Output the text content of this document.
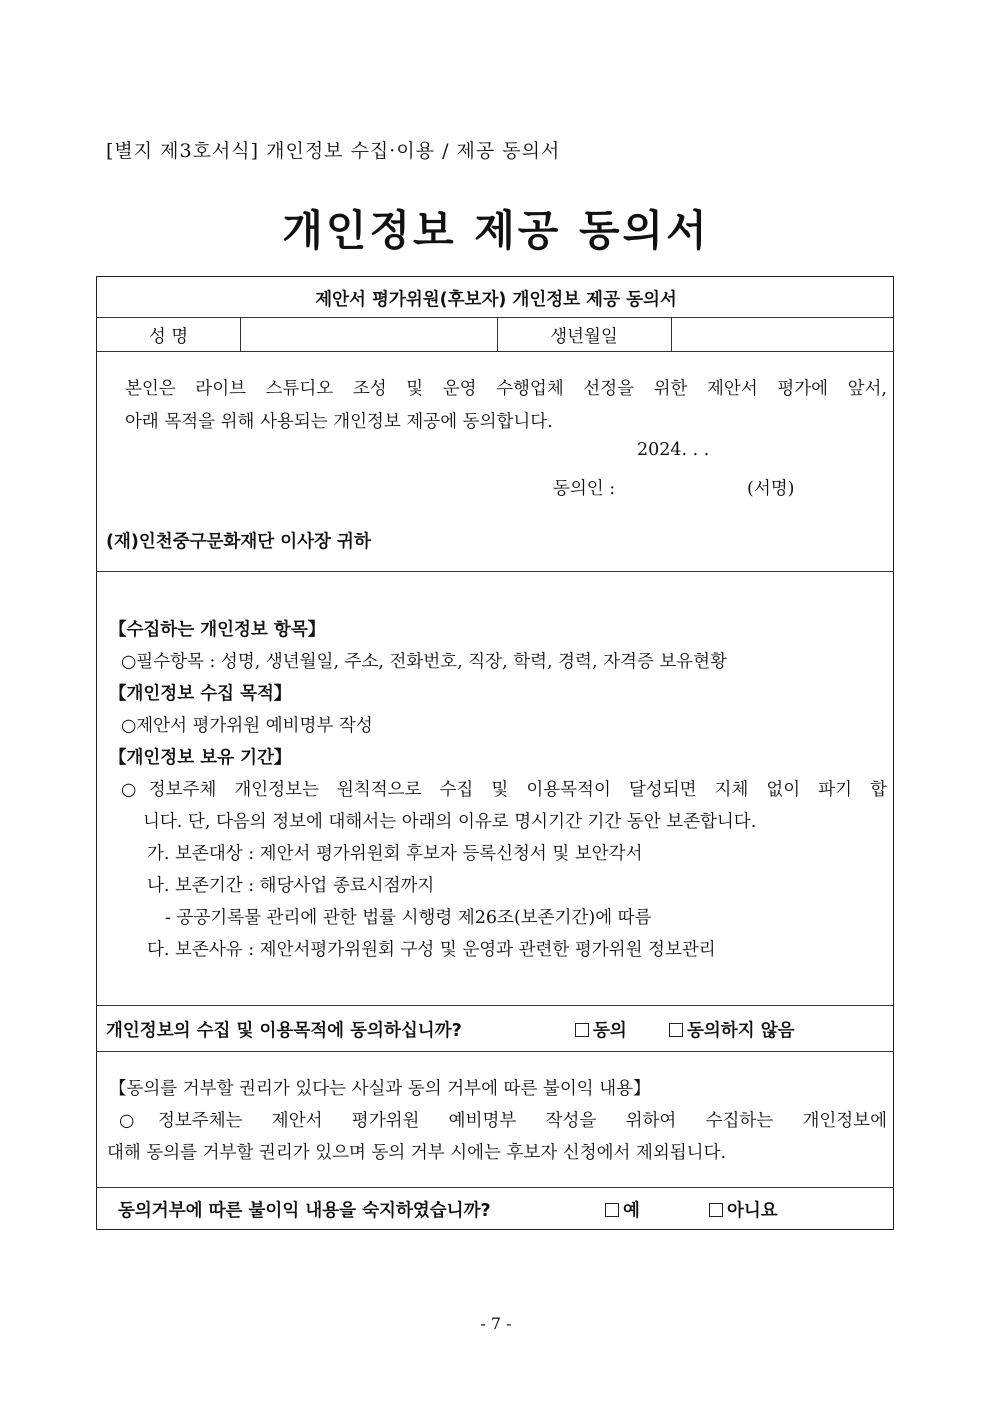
[별지 제3호서식] 개인정보 수집·이용 / 제공 동의서
개인정보 제공 동의서
제안서 평가위원(후보자) 개인정보 제공 동의서
성 명	생년월일
본인은 라이브 스튜디오 조성 및 운영 수행업체 선정을 위한 제안서 평가에 앞서,
아래 목적을 위해 사용되는 개인정보 제공에 동의합니다.
2024. . .
동의인 :	(서명)
(재)인천중구문화재단 이사장 귀하
【수집하는 개인정보 항목】
○필수항목 : 성명, 생년월일, 주소, 전화번호, 직장, 학력, 경력, 자격증 보유현황
【개인정보 수집 목적】
○제안서 평가위원 예비명부 작성
【개인정보 보유 기간】
○정보주체 개인정보는 원칙적으로 수집 및 이용목적이 달성되면 지체 없이 파기 합
니다. 단, 다음의 정보에 대해서는 아래의 이유로 명시기간 기간 동안 보존합니다.
가. 보존대상 : 제안서 평가위원회 후보자 등록신청서 및 보안각서
나. 보존기간 : 해당사업 종료시점까지
- 공공기록물 관리에 관한 법률 시행령 제26조(보존기간)에 따름
다. 보존사유 : 제안서평가위원회 구성 및 운영과 관련한 평가위원 정보관리
개인정보의 수집 및 이용목적에 동의하십니까?	동의	동의하지 않음
【동의를 거부할 권리가 있다는 사실과 동의 거부에 따른 불이익 내용】
○정보주체는 제안서 평가위원 예비명부 작성을 위하여 수집하는 개인정보에
대해 동의를 거부할 권리가 있으며 동의 거부 시에는 후보자 신청에서 제외됩니다.
동의거부에 따른 불이익 내용을 숙지하였습니까?	예	아니요
- 7 -
